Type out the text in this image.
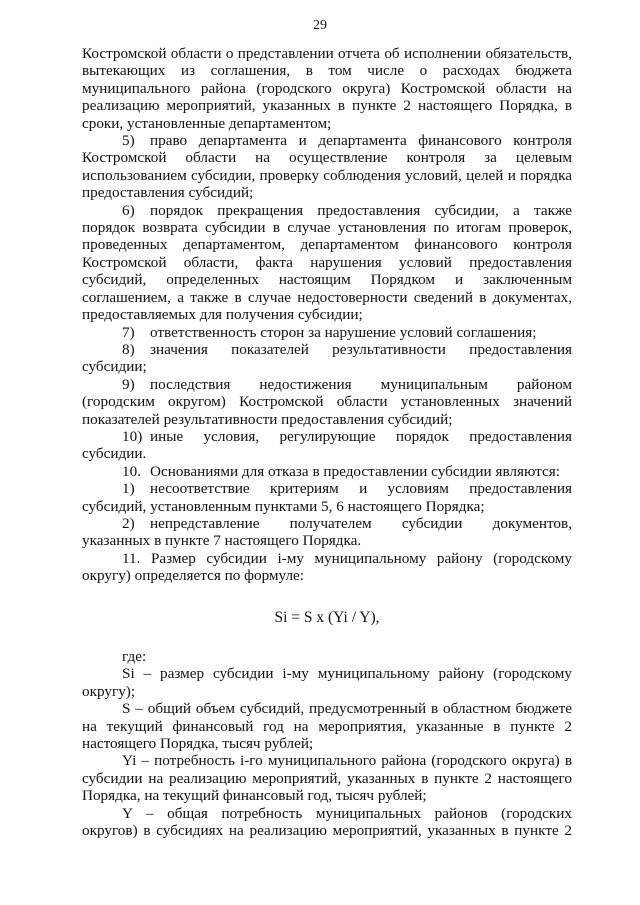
29

Костромской области о представлении отчета об исполнении обязательств, вытекающих из соглашения, в том числе о расходах бюджета муниципального района (городского округа) Костромской области на реализацию мероприятий, указанных в пункте 2 настоящего Порядка, в сроки, установленные департаментом;

5)	право департамента и департамента финансового контроля

Костромской области на осуществление контроля за целевым использованием субсидии, проверку соблюдения условий, целей и порядка предоставления субсидий;

6)	порядок прекращения предоставления субсидии, а также

порядок возврата субсидии в случае установления по итогам проверок, проведенных департаментом, департаментом финансового контроля Костромской области, факта нарушения условий предоставления субсидий, определенных настоящим Порядком и заключенным соглашением, а также в случае недостоверности сведений в документах, предоставляемых для получения субсидии;

7)	ответственность сторон за нарушение условий соглашения;
8)	значения показателей результативности предоставления

субсидии;

9)	последствия недостижения муниципальным районом

(городским округом) Костромской области установленных значений показателей результативности предоставления субсидий;

10) иные условия, регулирующие порядок предоставления

субсидии.

10. Основаниями для отказа в предоставлении субсидии являются:
1)	несоответствие критериям и условиям предоставления

субсидий, установленным пунктами 5, 6 настоящего Порядка;

2)	непредставление получателем субсидии документов,

указанных в пункте 7 настоящего Порядка.

11. Размер субсидии i-му муниципальному району (городскому округу) определяется по формуле:

Si = S x (Yi / Y),

где:

Si – размер субсидии i-му муниципальному району (городскому округу);

S – общий объем субсидий, предусмотренный в областном бюджете на текущий финансовый год на мероприятия, указанные в пункте 2 настоящего Порядка, тысяч рублей;

Yi – потребность i-го муниципального района (городского округа) в субсидии на реализацию мероприятий, указанных в пункте 2 настоящего Порядка, на текущий финансовый год, тысяч рублей;

Y – общая потребность муниципальных районов (городских округов) в субсидиях на реализацию мероприятий, указанных в пункте 2
